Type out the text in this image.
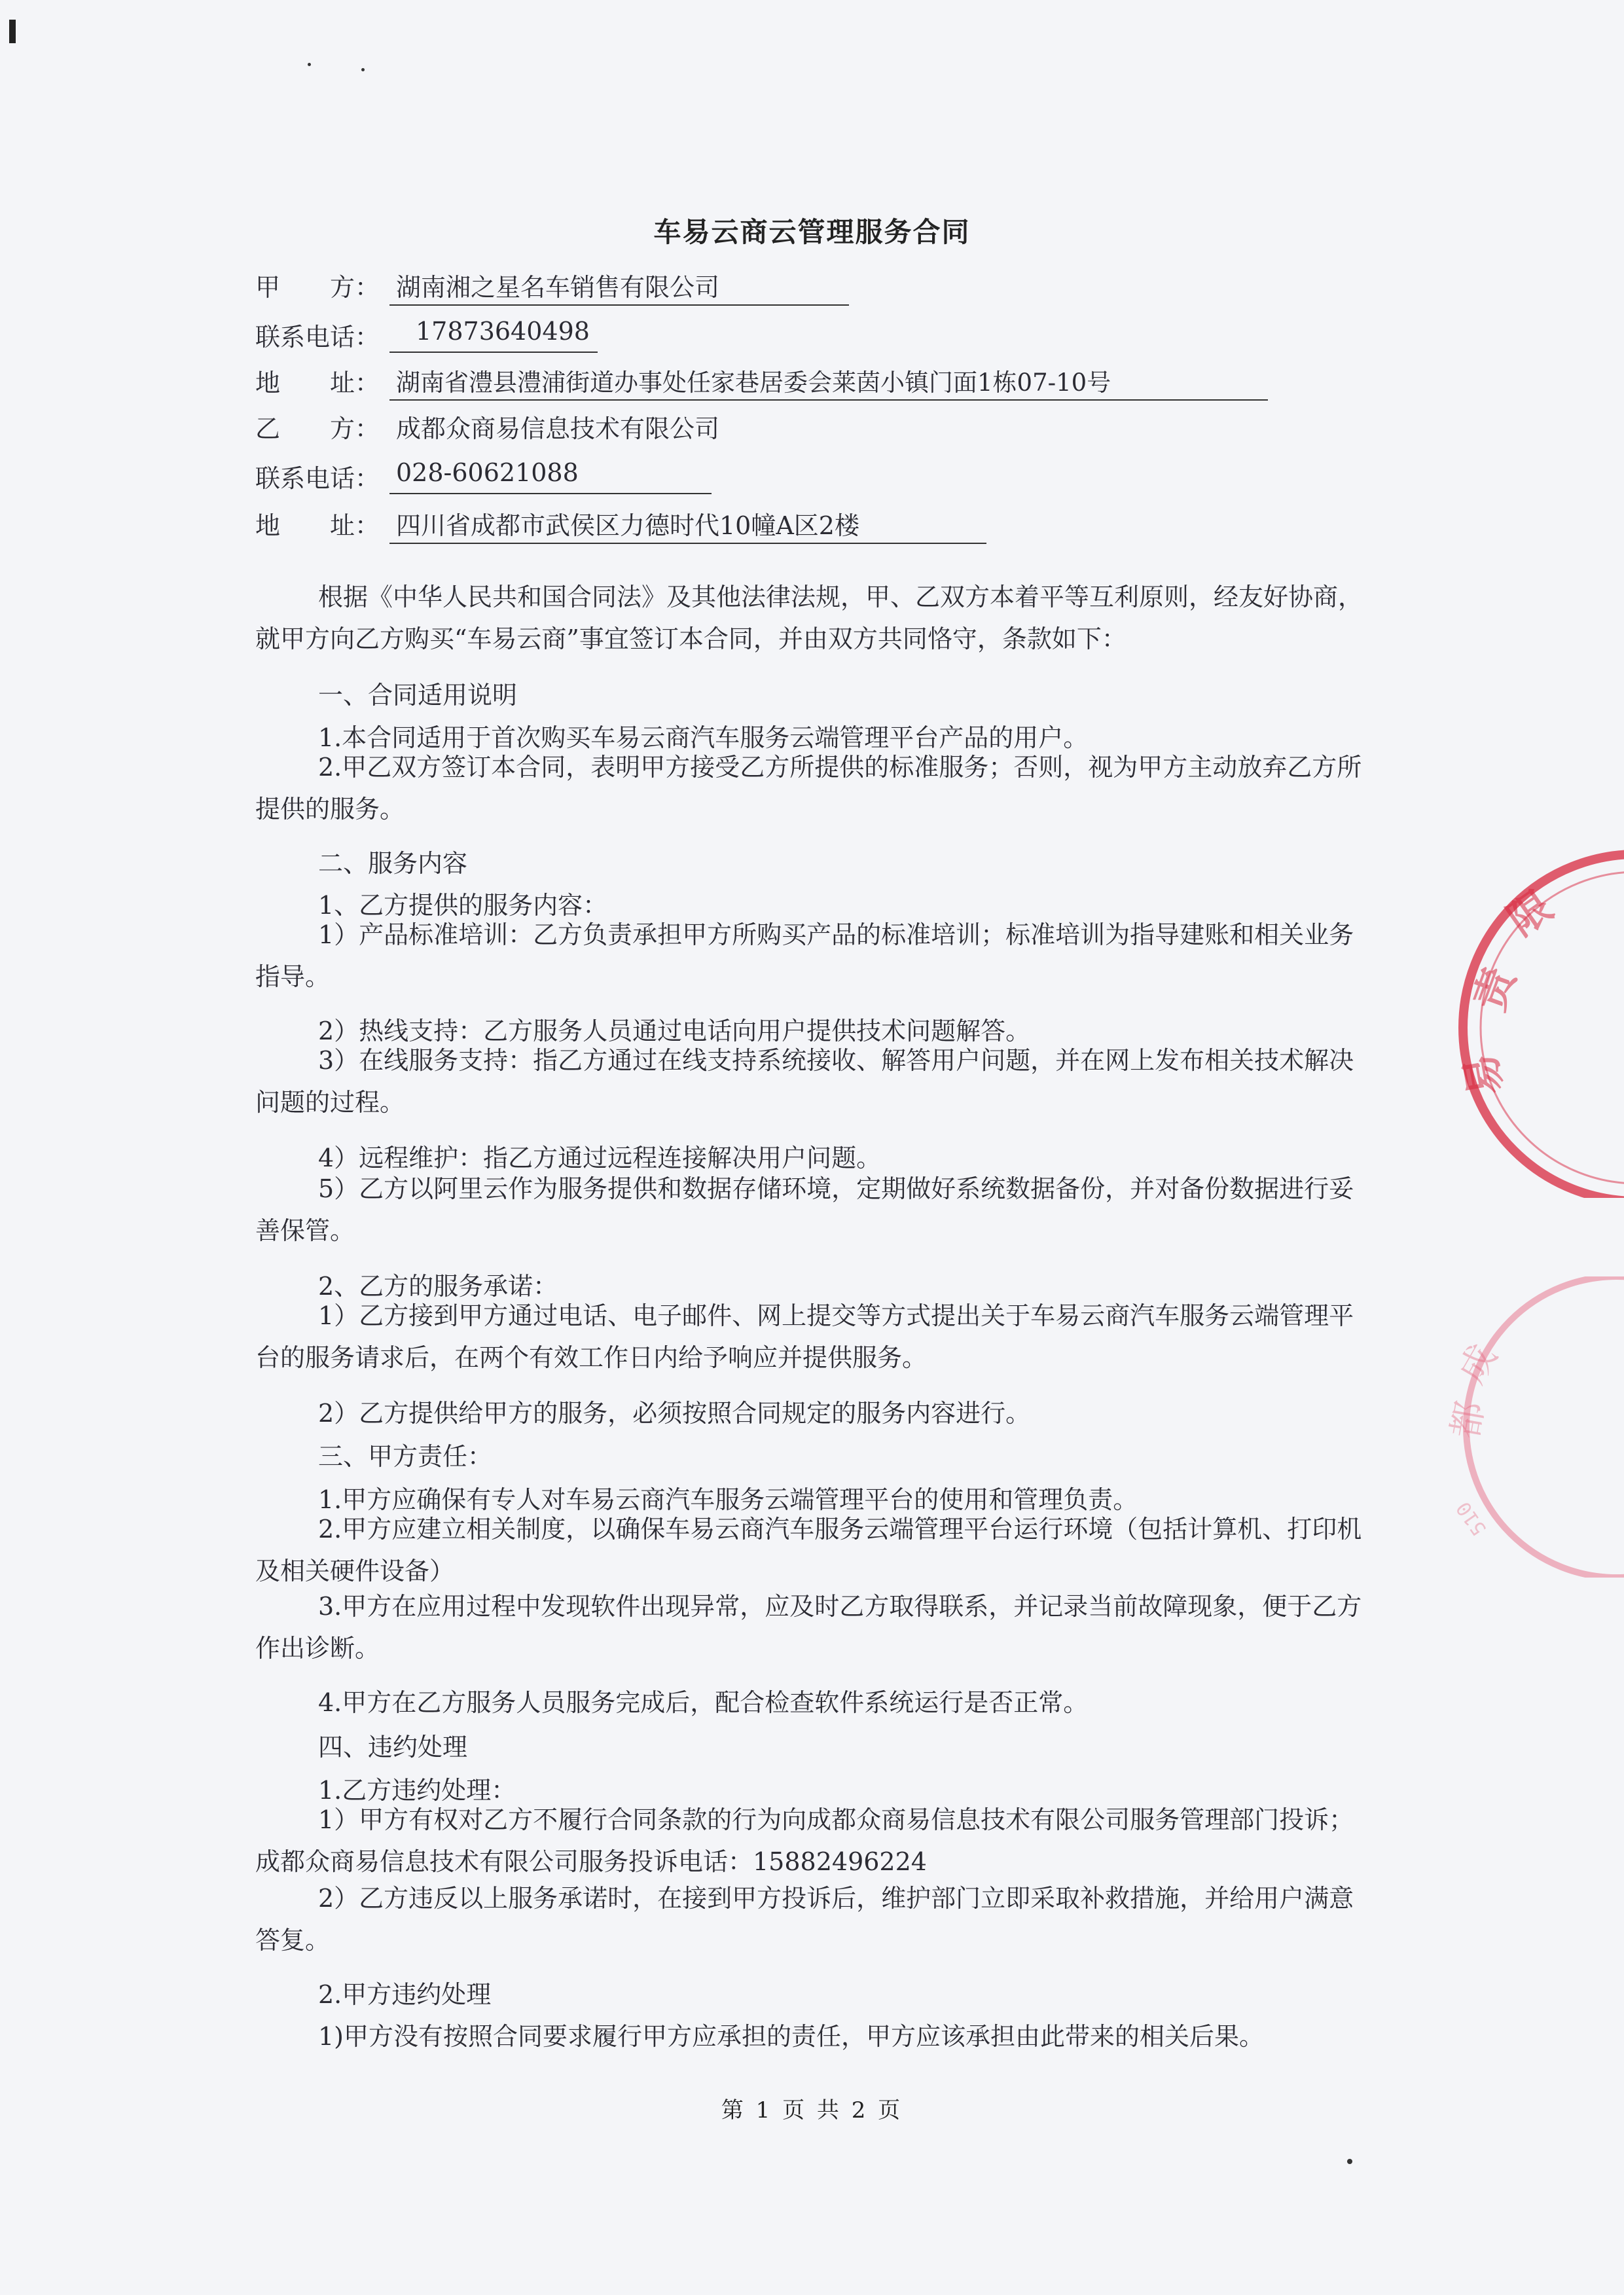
车易云商云管理服务合同
甲　　方： 湖南湘之星名车销售有限公司
联系电话：	17873640498
地　　址： 湖南省澧县澧浦街道办事处任家巷居委会莱茵小镇门面1栋07-10号
乙　　方： 成都众商易信息技术有限公司
联系电话： 028-60621088
地　　址： 四川省成都市武侯区力德时代10幢A区2楼
根据《中华人民共和国合同法》及其他法律法规，甲、乙双方本着平等互利原则，经友好协商，就甲方向乙方购买“车易云商”事宜签订本合同，并由双方共同恪守，条款如下：
一、合同适用说明
1.本合同适用于首次购买车易云商汽车服务云端管理平台产品的用户。
2.甲乙双方签订本合同，表明甲方接受乙方所提供的标准服务；否则，视为甲方主动放弃乙方所提供的服务。
二、服务内容
1、乙方提供的服务内容：
1）产品标准培训：乙方负责承担甲方所购买产品的标准培训；标准培训为指导建账和相关业务指导。
2）热线支持：乙方服务人员通过电话向用户提供技术问题解答。
3）在线服务支持：指乙方通过在线支持系统接收、解答用户问题，并在网上发布相关技术解决问题的过程。
4）远程维护：指乙方通过远程连接解决用户问题。
5）乙方以阿里云作为服务提供和数据存储环境，定期做好系统数据备份，并对备份数据进行妥善保管。
2、乙方的服务承诺：
1）乙方接到甲方通过电话、电子邮件、网上提交等方式提出关于车易云商汽车服务云端管理平台的服务请求后，在两个有效工作日内给予响应并提供服务。
2）乙方提供给甲方的服务，必须按照合同规定的服务内容进行。
三、甲方责任：
1.甲方应确保有专人对车易云商汽车服务云端管理平台的使用和管理负责。
2.甲方应建立相关制度，以确保车易云商汽车服务云端管理平台运行环境（包括计算机、打印机及相关硬件设备）
3.甲方在应用过程中发现软件出现异常，应及时乙方取得联系，并记录当前故障现象，便于乙方作出诊断。
4.甲方在乙方服务人员服务完成后，配合检查软件系统运行是否正常。
四、违约处理
1.乙方违约处理：
1）甲方有权对乙方不履行合同条款的行为向成都众商易信息技术有限公司服务管理部门投诉；成都众商易信息技术有限公司服务投诉电话：15882496224
2）乙方违反以上服务承诺时，在接到甲方投诉后，维护部门立即采取补救措施，并给用户满意答复。
2.甲方违约处理
1)甲方没有按照合同要求履行甲方应承担的责任，甲方应该承担由此带来的相关后果。
第 1 页 共 2 页
限
责
易
成
都
510
